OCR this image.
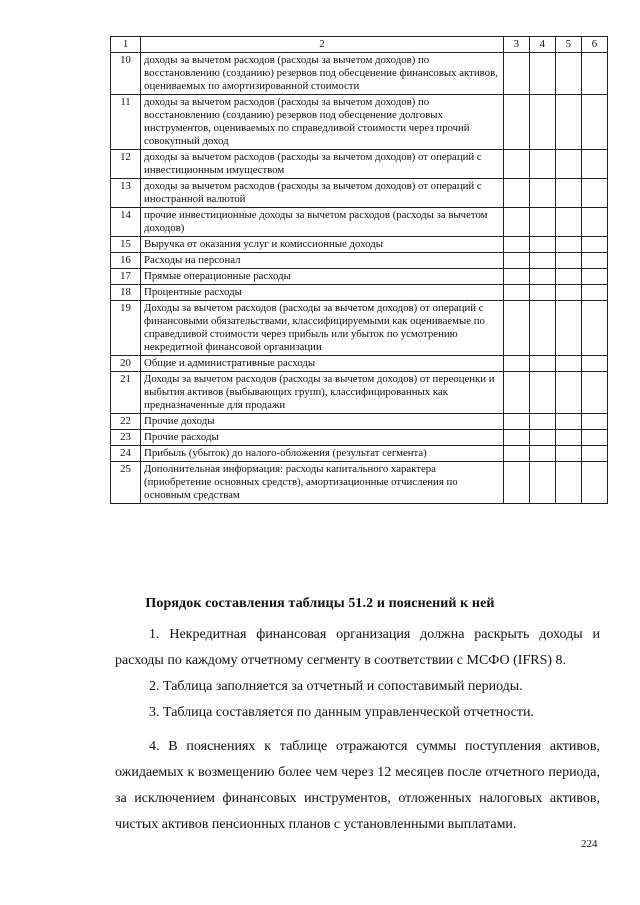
1	2	3	4	5	6
10	доходы за вычетом расходов (расходы за вычетом доходов) по восстановлению (созданию) резервов под обесценение финансовых активов, оцениваемых по амортизированной стоимости				
11	доходы за вычетом расходов (расходы за вычетом доходов) по восстановлению (созданию) резервов под обесценение долговых инструментов, оцениваемых по справедливой стоимости через прочий совокупный доход				
12	доходы за вычетом расходов (расходы за вычетом доходов) от операций с инвестиционным имуществом				
13	доходы за вычетом расходов (расходы за вычетом доходов) от операций с иностранной валютой				
14	прочие инвестиционные доходы за вычетом расходов (расходы за вычетом доходов)				
15	Выручка от оказания услуг и комиссионные доходы				
16	Расходы на персонал				
17	Прямые операционные расходы				
18	Процентные расходы				
19	Доходы за вычетом расходов (расходы за вычетом доходов) от операций с финансовыми обязательствами, классифицируемыми как оцениваемые по справедливой стоимости через прибыль или убыток по усмотрению некредитной финансовой организации				
20	Общие и административные расходы				
21	Доходы за вычетом расходов (расходы за вычетом доходов) от переоценки и выбытия активов (выбывающих групп), классифицированных как предназначенные для продажи				
22	Прочие доходы				
23	Прочие расходы				
24	Прибыль (убыток) до налого-обложения (результат сегмента)				
25	Дополнительная информация: расходы капитального характера (приобретение основных средств), амортизационные отчисления по основным средствам				
Порядок составления таблицы 51.2 и пояснений к ней
1. Некредитная финансовая организация должна раскрыть доходы и расходы по каждому отчетному сегменту в соответствии с МСФО (IFRS) 8.
2. Таблица заполняется за отчетный и сопоставимый периоды.
3. Таблица составляется по данным управленческой отчетности.
4. В пояснениях к таблице отражаются суммы поступления активов, ожидаемых к возмещению более чем через 12 месяцев после отчетного периода, за исключением финансовых инструментов, отложенных налоговых активов, чистых активов пенсионных планов с установленными выплатами.
224
